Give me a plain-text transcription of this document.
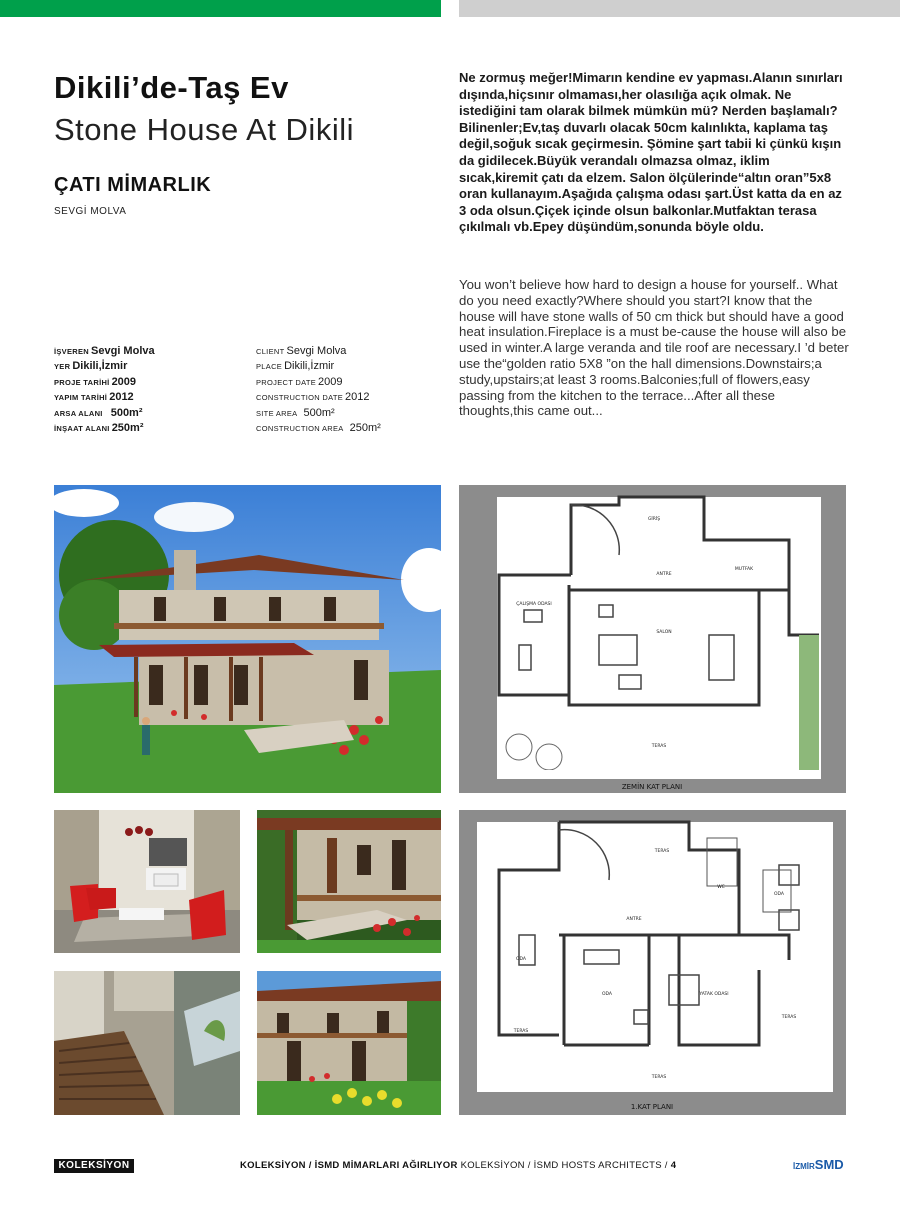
Dikili’de-Taş Ev
Stone House At Dikili
ÇATI MİMARLIK
SEVGİ MOLVA
İŞVEREN Sevgi Molva
YER Dikili,İzmir
PROJE TARİHİ 2009
YAPIM TARİHİ 2012
ARSA ALANI 500m²
İNŞAAT ALANI 250m²
CLIENT Sevgi Molva
PLACE Dikili,İzmir
PROJECT DATE 2009
CONSTRUCTION DATE 2012
SITE AREA 500m²
CONSTRUCTION AREA 250m²

Ne zormuş meğer!Mimarın kendine ev yapması.Alanın sınırları dışında,hiçsınır olmaması,her olasılığa açık olmak. Ne istediğini tam olarak bilmek mümkün mü? Nerden başlamalı?Bilinenler;Ev,taş duvarlı olacak 50cm kalınlıkta, kaplama taş değil,soğuk sıcak geçirmesin. Şömine şart tabii ki çünkü kışın da gidilecek.Büyük verandalı olmazsa olmaz, iklim sıcak,kiremit çatı da elzem. Salon ölçülerinde“altın oran”5x8 oran kullanayım.Aşağıda çalışma odası şart.Üst katta da en az 3 oda olsun.Çiçek içinde olsun balkonlar.Mutfaktan terasa çıkılmalı vb.Epey düşündüm,sonunda böyle oldu.

You won’t believe how hard to design a house for yourself.. What do you need exactly?Where should you start?I know that the house will have stone walls of 50 cm thick but should have a good heat insulation.Fireplace is a must be-cause the house will also be used in winter.A large veranda and tile roof are necessary.I ’d beter use the“golden ratio 5X8 ”on the hall dimensions.Downstairs;a study,upstairs;at least 3 rooms.Balconies;full of flowers,easy passing from the kitchen to the terrace...After all these thoughts,this came out...

GİRİŞ
ANTRE
MUTFAK
ÇALIŞMA ODASI
SALON
TERAS
ZEMİN KAT PLANI
TERAS
WC
ODA
ANTRE
ODA
ODA	YATAK ODASI
TERAS
TERAS
TERAS
1.KAT PLANI
KOLEKSİYON	KOLEKSİYON / İSMD MİMARLARI AĞIRLIYOR KOLEKSİYON / İSMD HOSTS ARCHITECTS / 4	İZMİRSMD
